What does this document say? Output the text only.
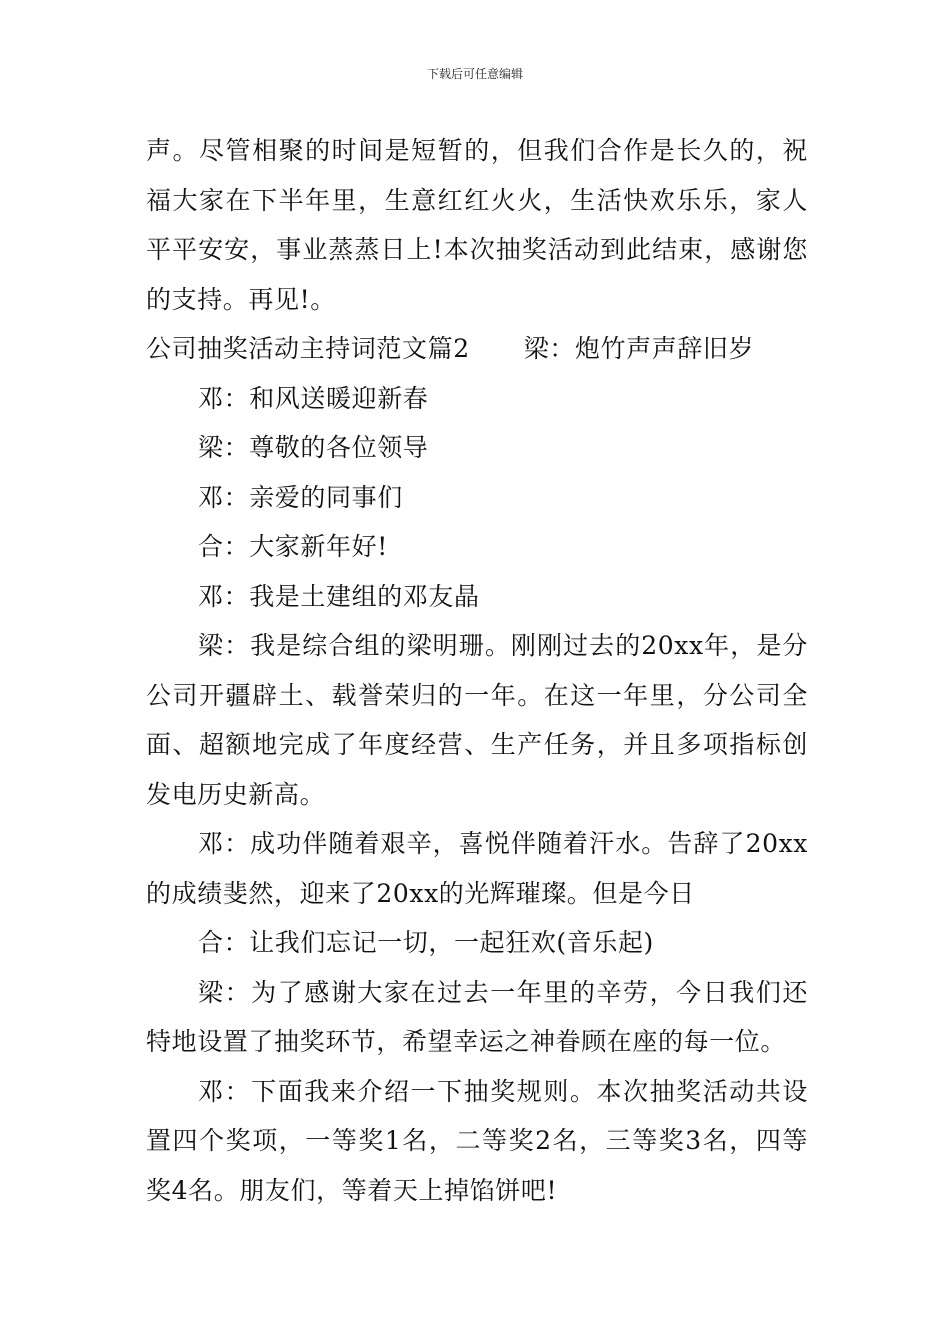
下载后可任意编辑

声。尽管相聚的时间是短暂的，但我们合作是长久的，祝福大家在下半年里，生意红红火火，生活快欢乐乐，家人平平安安，事业蒸蒸日上!本次抽奖活动到此结束，感谢您的支持。再见!。

公司抽奖活动主持词范文篇2 梁：炮竹声声辞旧岁

邓：和风送暖迎新春

梁：尊敬的各位领导

邓：亲爱的同事们

合：大家新年好!

邓：我是土建组的邓友晶

梁：我是综合组的梁明珊。刚刚过去的20xx年，是分公司开疆辟土、载誉荣归的一年。在这一年里，分公司全面、超额地完成了年度经营、生产任务，并且多项指标创发电历史新高。

邓：成功伴随着艰辛，喜悦伴随着汗水。告辞了20xx的成绩斐然，迎来了20xx的光辉璀璨。但是今日

合：让我们忘记一切，一起狂欢(音乐起)

梁：为了感谢大家在过去一年里的辛劳，今日我们还特地设置了抽奖环节，希望幸运之神眷顾在座的每一位。

邓：下面我来介绍一下抽奖规则。本次抽奖活动共设置四个奖项，一等奖1名，二等奖2名，三等奖3名，四等奖4名。朋友们，等着天上掉馅饼吧!
